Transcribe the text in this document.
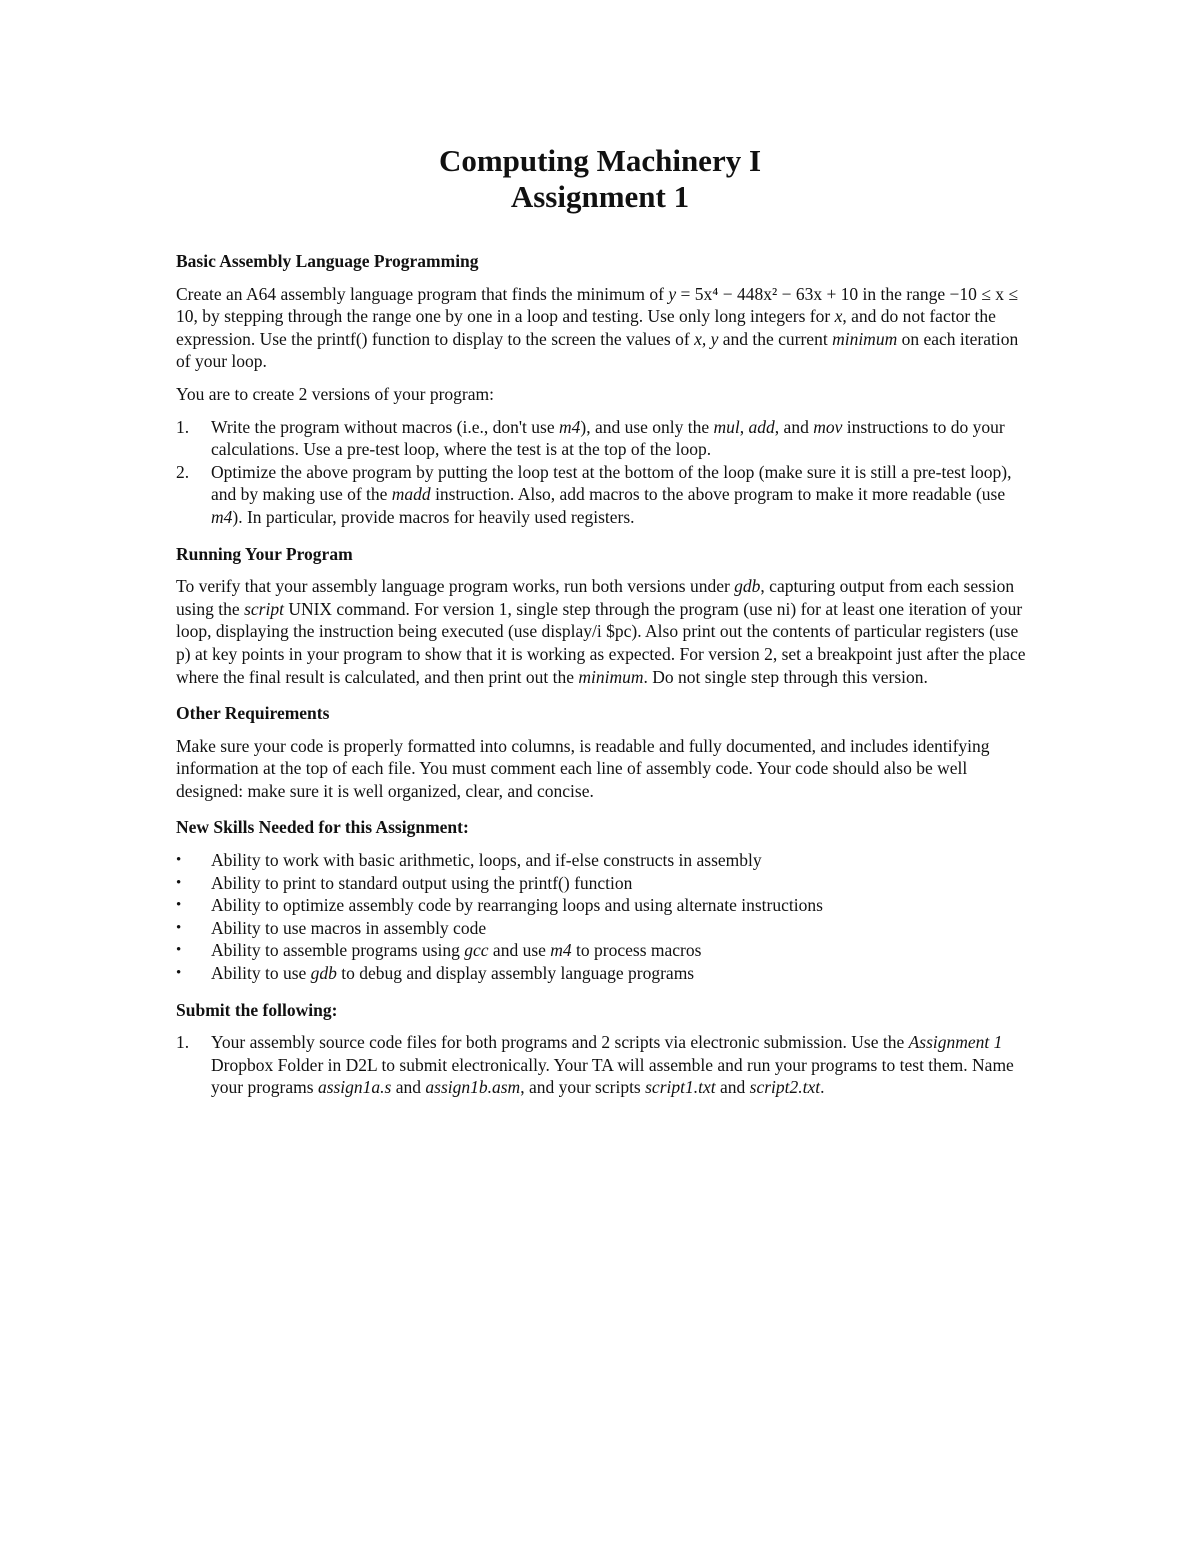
Computing Machinery I
Assignment 1
Basic Assembly Language Programming

Create an A64 assembly language program that finds the minimum of y = 5x⁴ − 448x² − 63x + 10 in the range −10 ≤ x ≤ 10, by stepping through the range one by one in a loop and testing. Use only long integers for x, and do not factor the expression. Use the printf() function to display to the screen the values of x, y and the current minimum on each iteration of your loop.

You are to create 2 versions of your program:

1. Write the program without macros (i.e., don't use m4), and use only the mul, add, and mov instructions to do your calculations. Use a pre-test loop, where the test is at the top of the loop.
2. Optimize the above program by putting the loop test at the bottom of the loop (make sure it is still a pre-test loop), and by making use of the madd instruction. Also, add macros to the above program to make it more readable (use m4). In particular, provide macros for heavily used registers.
Running Your Program

To verify that your assembly language program works, run both versions under gdb, capturing output from each session using the script UNIX command. For version 1, single step through the program (use ni) for at least one iteration of your loop, displaying the instruction being executed (use display/i $pc). Also print out the contents of particular registers (use p) at key points in your program to show that it is working as expected. For version 2, set a breakpoint just after the place where the final result is calculated, and then print out the minimum. Do not single step through this version.

Other Requirements

Make sure your code is properly formatted into columns, is readable and fully documented, and includes identifying information at the top of each file. You must comment each line of assembly code. Your code should also be well designed: make sure it is well organized, clear, and concise.

New Skills Needed for this Assignment:
• Ability to work with basic arithmetic, loops, and if-else constructs in assembly
• Ability to print to standard output using the printf() function
• Ability to optimize assembly code by rearranging loops and using alternate instructions
• Ability to use macros in assembly code
• Ability to assemble programs using gcc and use m4 to process macros
• Ability to use gdb to debug and display assembly language programs
Submit the following:
1. Your assembly source code files for both programs and 2 scripts via electronic submission. Use the Assignment 1 Dropbox Folder in D2L to submit electronically. Your TA will assemble and run your programs to test them. Name your programs assign1a.s and assign1b.asm, and your scripts script1.txt and script2.txt.
